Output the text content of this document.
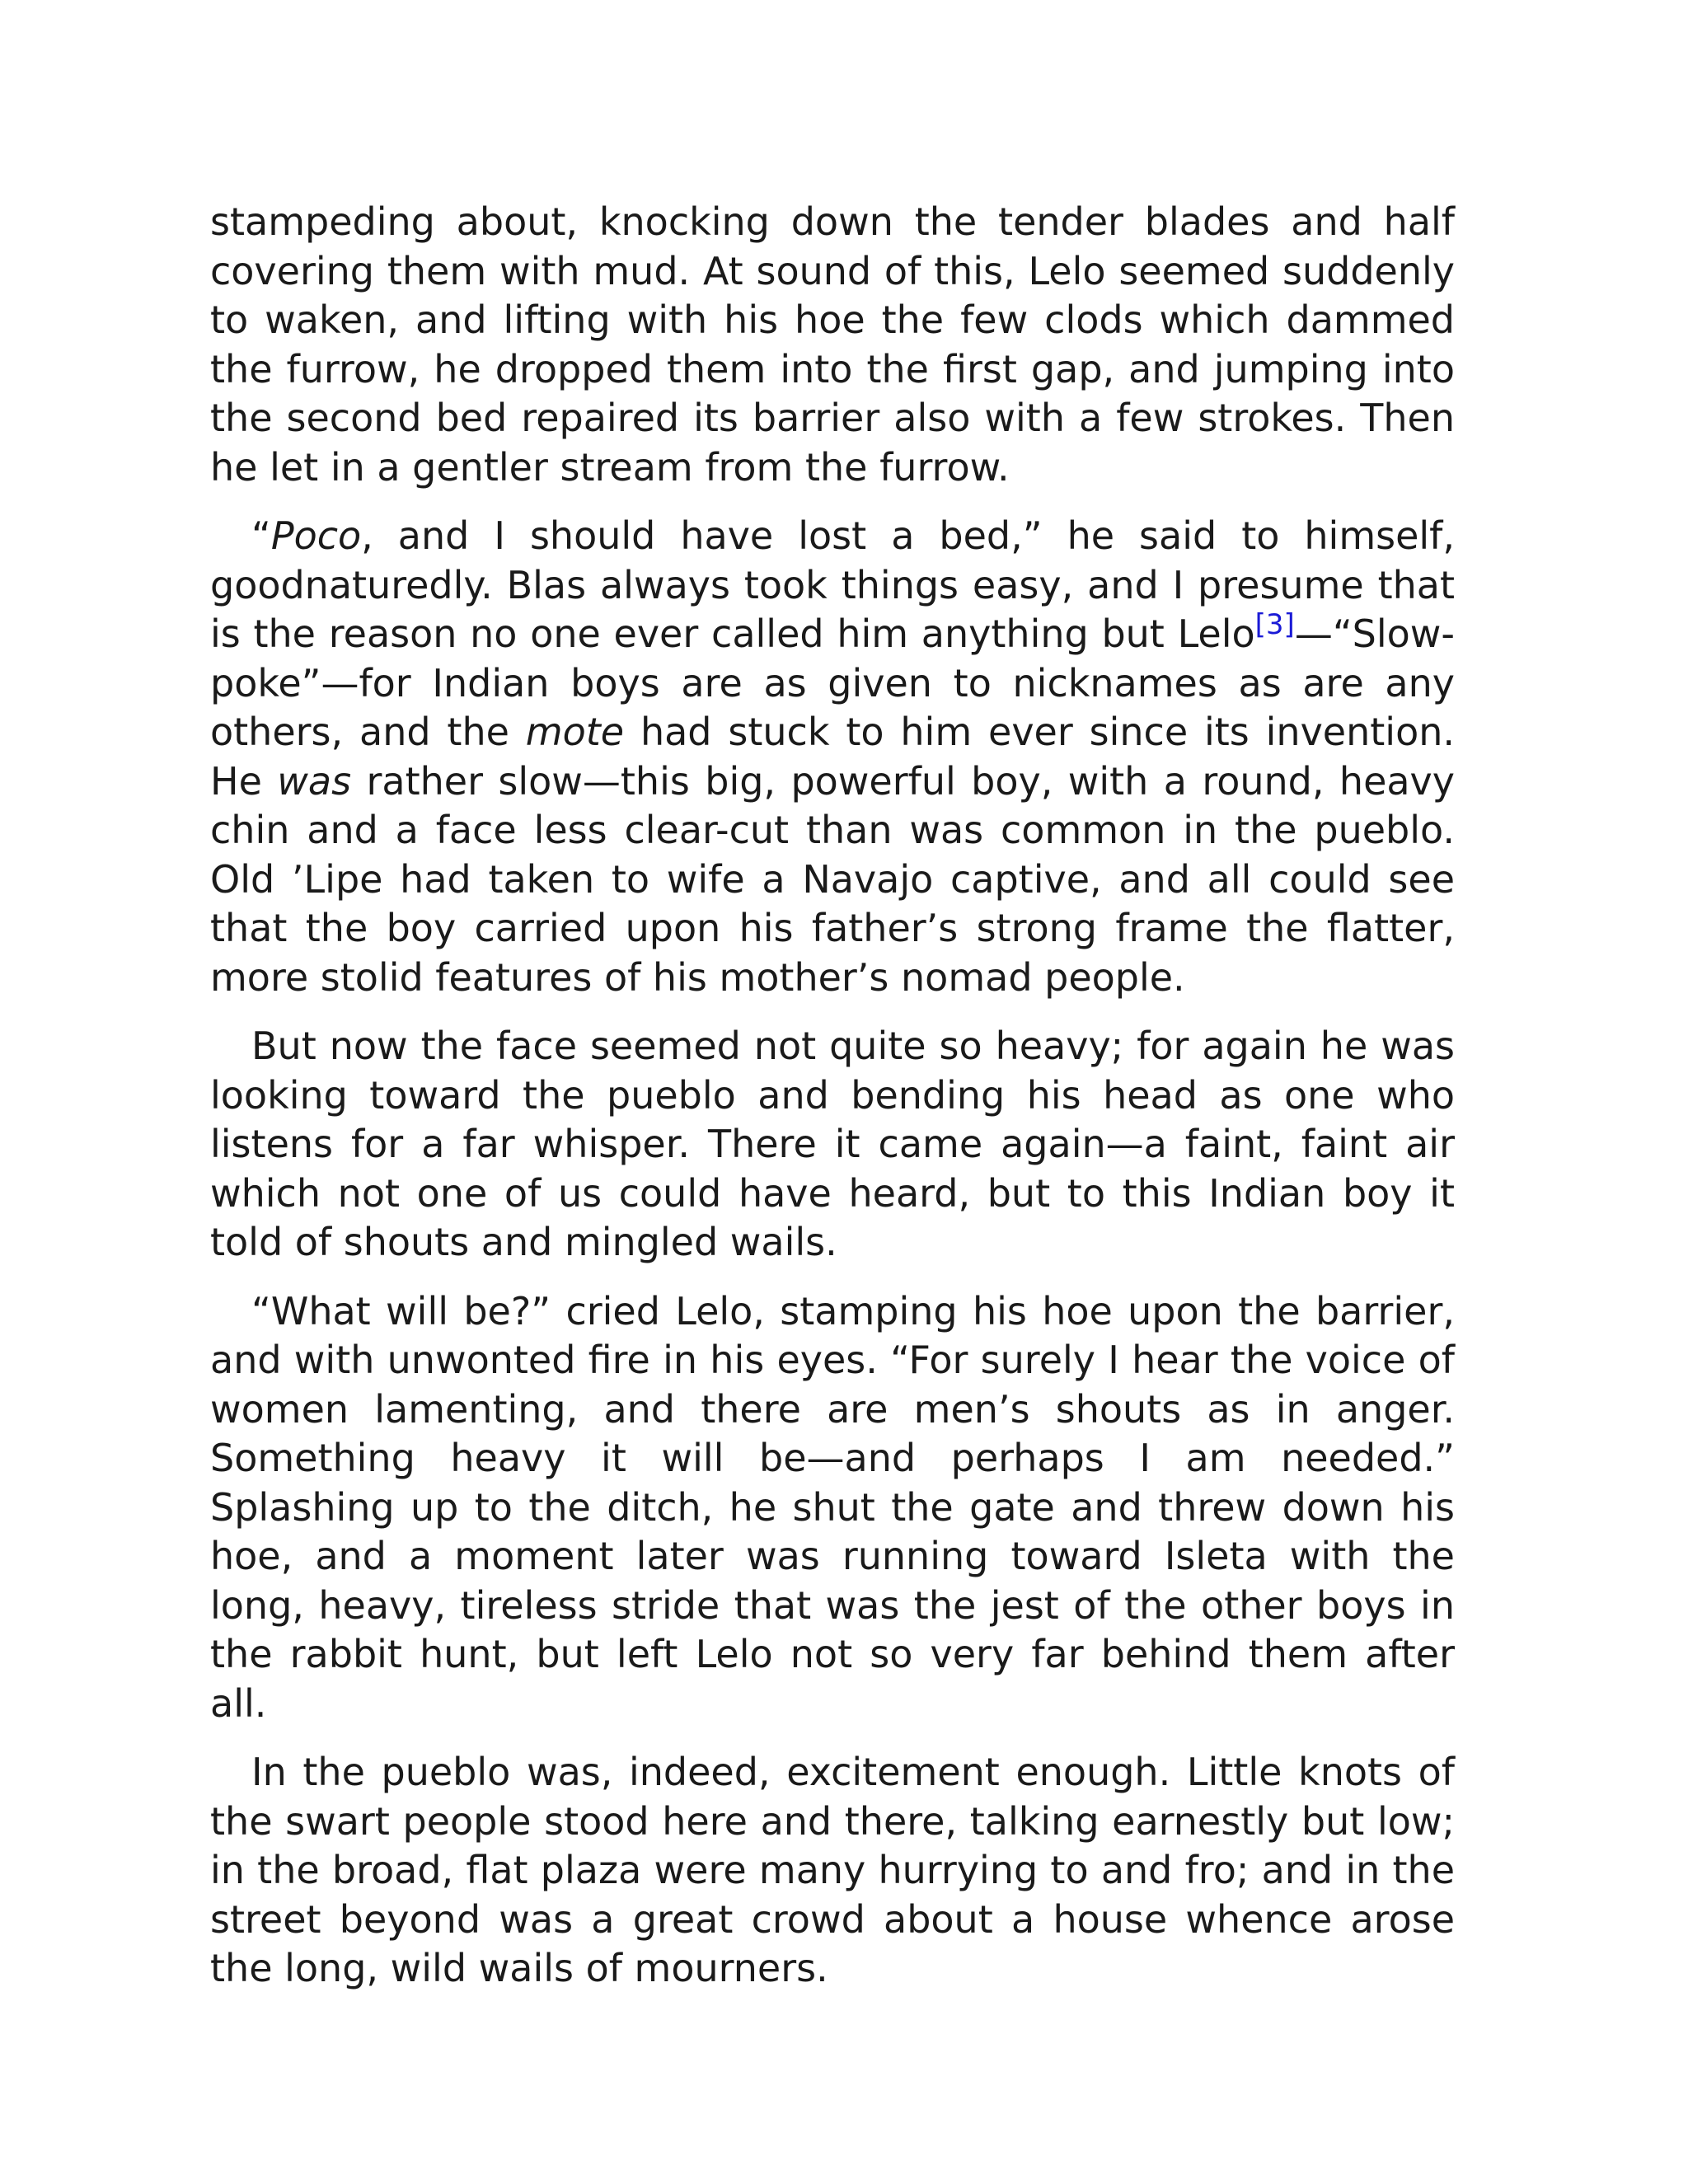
stampeding about, knocking down the tender blades and half covering them with mud. At sound of this, Lelo seemed suddenly to waken, and lifting with his hoe the few clods which dammed the furrow, he dropped them into the first gap, and jumping into the second bed repaired its barrier also with a few strokes. Then he let in a gentler stream from the furrow.

“Poco, and I should have lost a bed,” he said to himself, goodnaturedly. Blas always took things easy, and I presume that is the reason no one ever called him anything but Lelo[3]—“Slow-poke”—for Indian boys are as given to nicknames as are any others, and the mote had stuck to him ever since its invention. He was rather slow—this big, powerful boy, with a round, heavy chin and a face less clear-cut than was common in the pueblo. Old ’Lipe had taken to wife a Navajo captive, and all could see that the boy carried upon his father’s strong frame the flatter, more stolid features of his mother’s nomad people.

But now the face seemed not quite so heavy; for again he was looking toward the pueblo and bending his head as one who listens for a far whisper. There it came again—a faint, faint air which not one of us could have heard, but to this Indian boy it told of shouts and mingled wails.

“What will be?” cried Lelo, stamping his hoe upon the barrier, and with unwonted fire in his eyes. “For surely I hear the voice of women lamenting, and there are men’s shouts as in anger. Something heavy it will be—and perhaps I am needed.” Splashing up to the ditch, he shut the gate and threw down his hoe, and a moment later was running toward Isleta with the long, heavy, tireless stride that was the jest of the other boys in the rabbit hunt, but left Lelo not so very far behind them after all.

In the pueblo was, indeed, excitement enough. Little knots of the swart people stood here and there, talking earnestly but low; in the broad, flat plaza were many hurrying to and fro; and in the street beyond was a great crowd about a house whence arose the long, wild wails of mourners.
